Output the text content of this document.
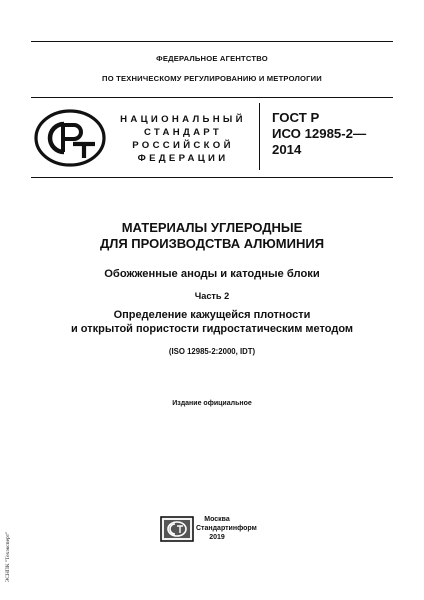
ФЕДЕРАЛЬНОЕ АГЕНТСТВО
ПО ТЕХНИЧЕСКОМУ РЕГУЛИРОВАНИЮ И МЕТРОЛОГИИ
НАЦИОНАЛЬНЫЙ
СТАНДАРТ
РОССИЙСКОЙ
ФЕДЕРАЦИИ
ГОСТ Р
ИСО 12985-2—
2014
МАТЕРИАЛЫ УГЛЕРОДНЫЕ
ДЛЯ ПРОИЗВОДСТВА АЛЮМИНИЯ
Обожженные аноды и катодные блоки
Часть 2
Определение кажущейся плотности
и открытой пористости гидростатическим методом
(ISO 12985-2:2000, IDT)
Издание официальное
Москва
Стандартинформ
2019
ЭСНПК "Техэксперт"
